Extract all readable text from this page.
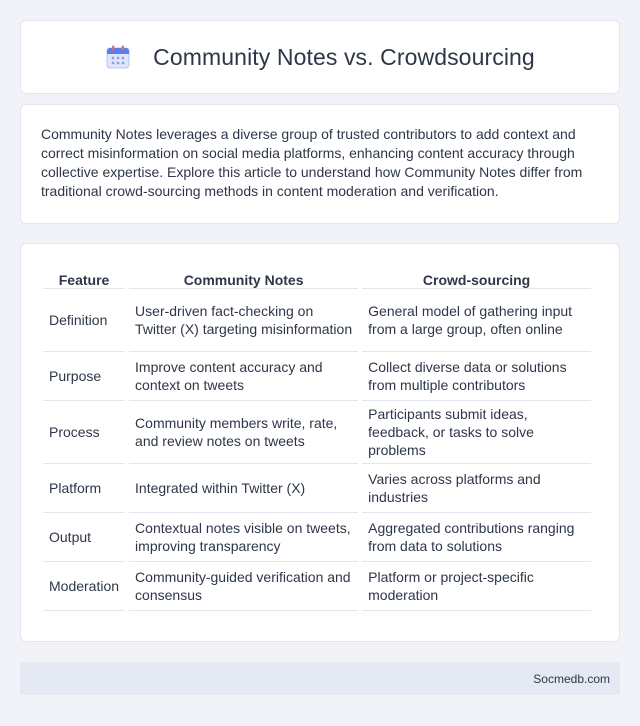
Community Notes vs. Crowdsourcing

Community Notes leverages a diverse group of trusted contributors to add context and correct misinformation on social media platforms, enhancing content accuracy through collective expertise. Explore this article to understand how Community Notes differ from traditional crowd-sourcing methods in content moderation and verification.

Feature	Community Notes	Crowd-sourcing
Definition	User-driven fact-checking on Twitter (X) targeting misinformation	General model of gathering input from a large group, often online
Purpose	Improve content accuracy and context on tweets	Collect diverse data or solutions from multiple contributors
Process	Community members write, rate, and review notes on tweets	Participants submit ideas, feedback, or tasks to solve problems
Platform	Integrated within Twitter (X)	Varies across platforms and industries
Output	Contextual notes visible on tweets, improving transparency	Aggregated contributions ranging from data to solutions
Moderation	Community-guided verification and consensus	Platform or project-specific moderation
Socmedb.com
